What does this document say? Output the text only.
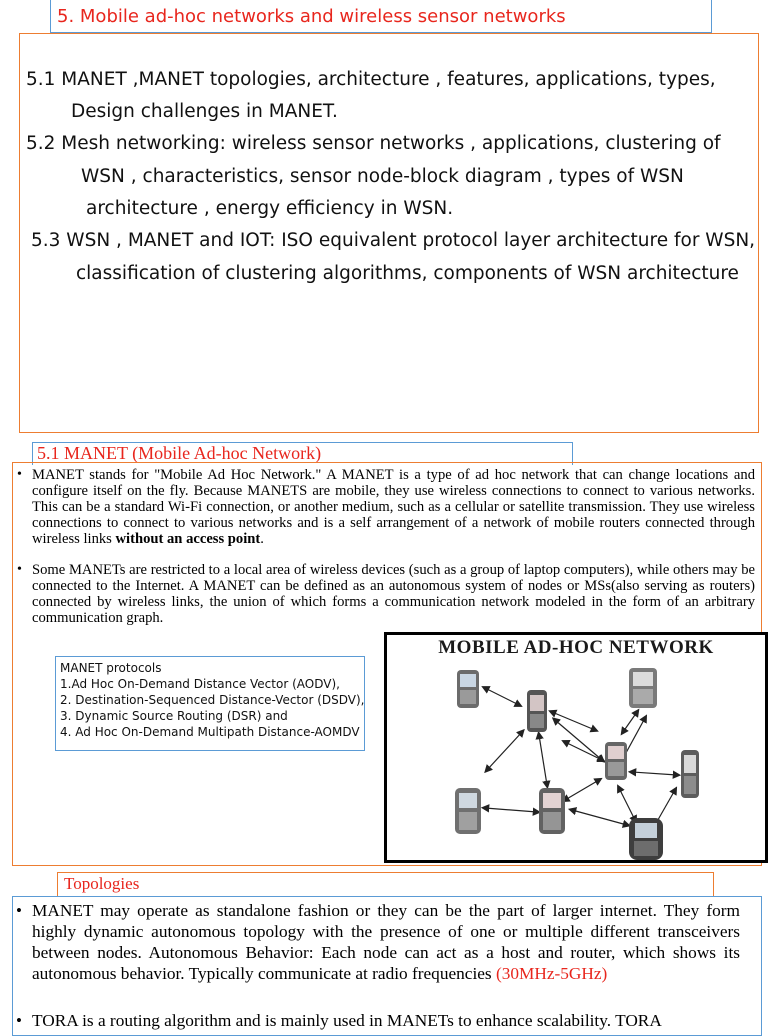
5. Mobile ad-hoc networks and wireless sensor networks
5.1 MANET ,MANET topologies, architecture , features, applications, types,
Design challenges in MANET.
5.2 Mesh networking: wireless sensor networks , applications, clustering of
WSN , characteristics, sensor node-block diagram , types of WSN
architecture , energy efficiency in WSN.
5.3 WSN , MANET and IOT: ISO equivalent protocol layer architecture for WSN,
classification of clustering algorithms, components of WSN architecture
5.1 MANET (Mobile Ad-hoc Network)
• MANET stands for "Mobile Ad Hoc Network." A MANET is a type of ad hoc network that can change locations and configure itself on the fly. Because MANETS are mobile, they use wireless connections to connect to various networks. This can be a standard Wi-Fi connection, or another medium, such as a cellular or satellite transmission. They use wireless connections to connect to various networks and is a self arrangement of a network of mobile routers connected through wireless links without an access point.
• Some MANETs are restricted to a local area of wireless devices (such as a group of laptop computers), while others may be connected to the Internet. A MANET can be defined as an autonomous system of nodes or MSs(also serving as routers) connected by wireless links, the union of which forms a communication network modeled in the form of an arbitrary communication graph.
MANET protocols
1.Ad Hoc On-Demand Distance Vector (AODV),
2. Destination-Sequenced Distance-Vector (DSDV),
3. Dynamic Source Routing (DSR) and
4. Ad Hoc On-Demand Multipath Distance-AOMDV
MOBILE AD-HOC NETWORK
Topologies
• MANET may operate as standalone fashion or they can be the part of larger internet. They form highly dynamic autonomous topology with the presence of one or multiple different transceivers between nodes. Autonomous Behavior: Each node can act as a host and router, which shows its autonomous behavior. Typically communicate at radio frequencies (30MHz-5GHz)
• TORA is a routing algorithm and is mainly used in MANETs to enhance scalability. TORA
